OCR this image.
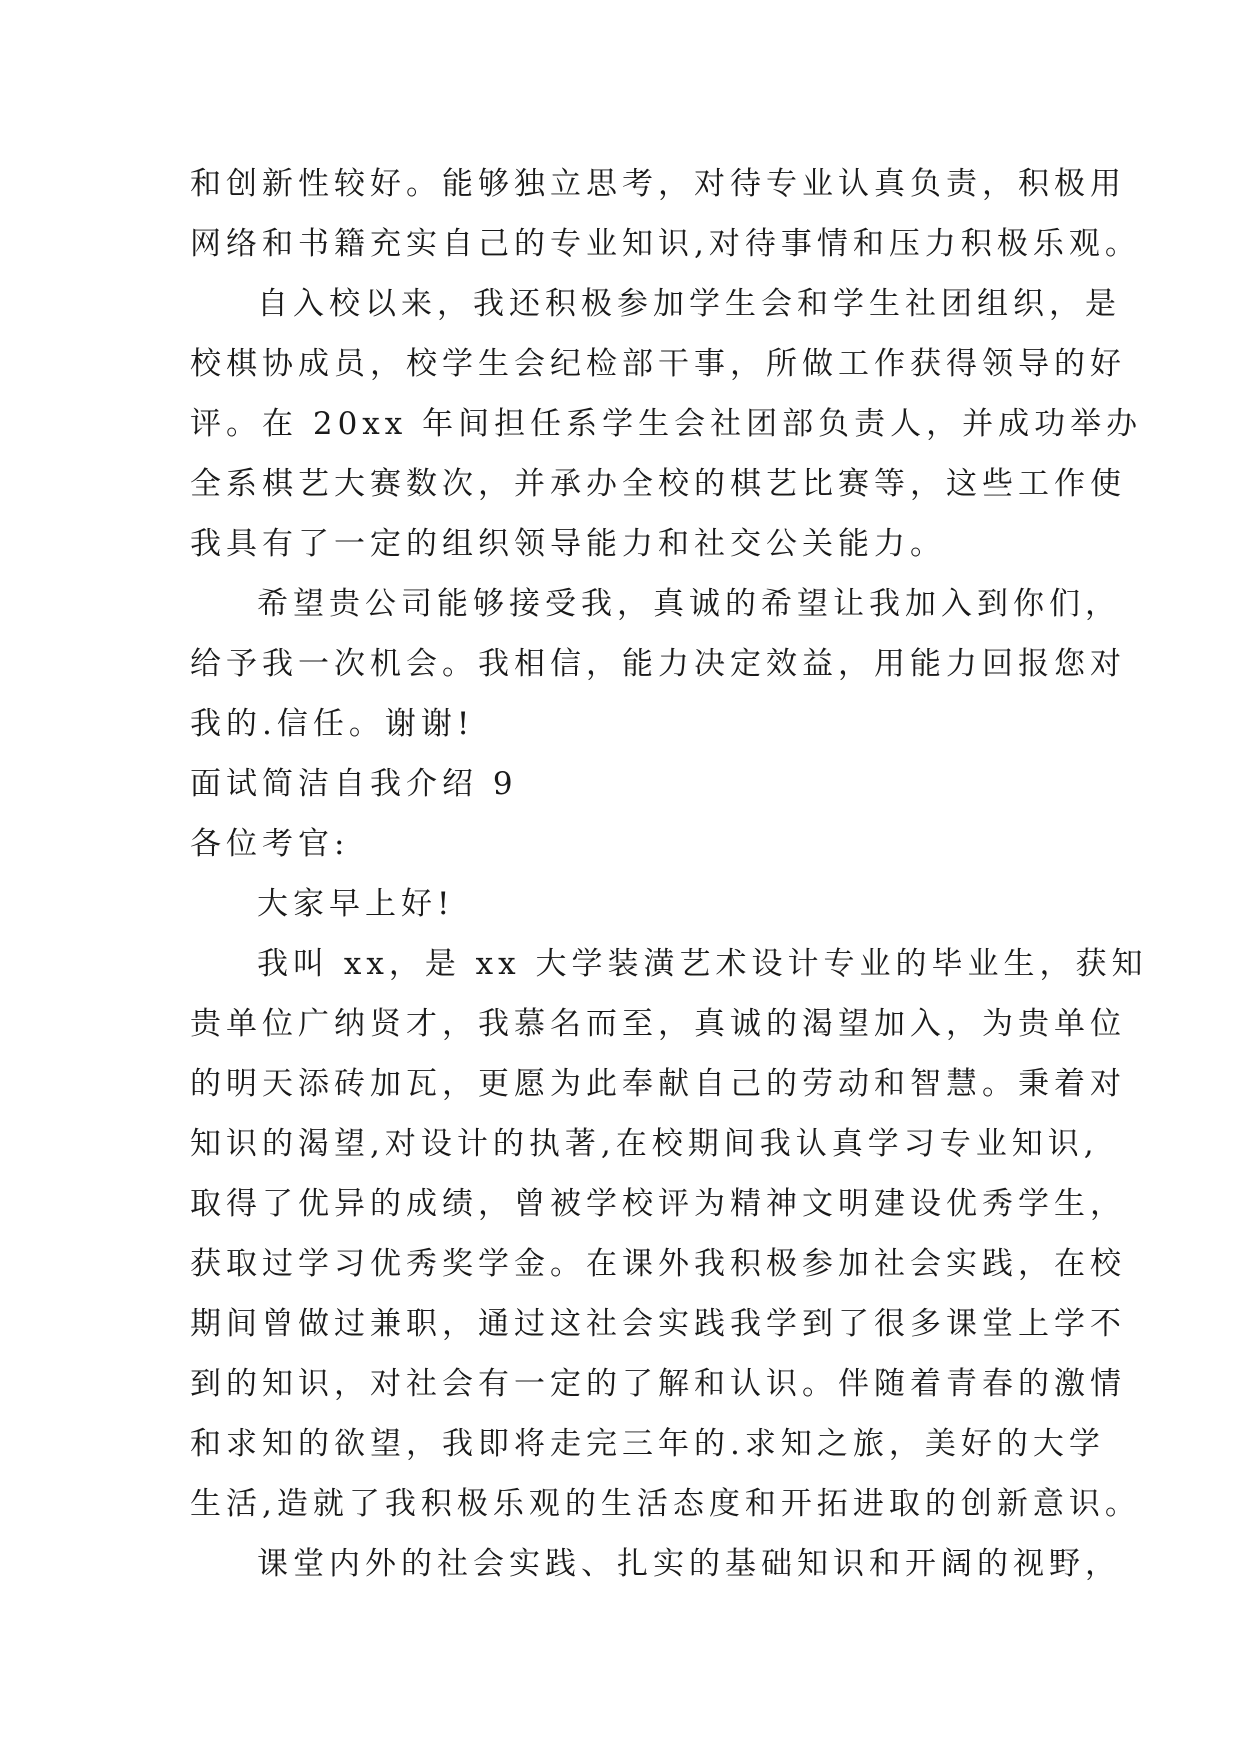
和创新性较好。能够独立思考，对待专业认真负责，积极用
网络和书籍充实自己的专业知识,对待事情和压力积极乐观。
自入校以来，我还积极参加学生会和学生社团组织，是
校棋协成员，校学生会纪检部干事，所做工作获得领导的好
评。在 20xx 年间担任系学生会社团部负责人，并成功举办
全系棋艺大赛数次，并承办全校的棋艺比赛等，这些工作使
我具有了一定的组织领导能力和社交公关能力。
希望贵公司能够接受我，真诚的希望让我加入到你们，
给予我一次机会。我相信，能力决定效益，用能力回报您对
我的.信任。谢谢!
面试简洁自我介绍 9
各位考官:
大家早上好!
我叫 xx，是 xx 大学装潢艺术设计专业的毕业生，获知
贵单位广纳贤才，我慕名而至，真诚的渴望加入，为贵单位
的明天添砖加瓦，更愿为此奉献自己的劳动和智慧。秉着对
知识的渴望,对设计的执著,在校期间我认真学习专业知识,
取得了优异的成绩，曾被学校评为精神文明建设优秀学生，
获取过学习优秀奖学金。在课外我积极参加社会实践，在校
期间曾做过兼职，通过这社会实践我学到了很多课堂上学不
到的知识，对社会有一定的了解和认识。伴随着青春的激情
和求知的欲望，我即将走完三年的.求知之旅，美好的大学
生活,造就了我积极乐观的生活态度和开拓进取的创新意识。
课堂内外的社会实践、扎实的基础知识和开阔的视野，
